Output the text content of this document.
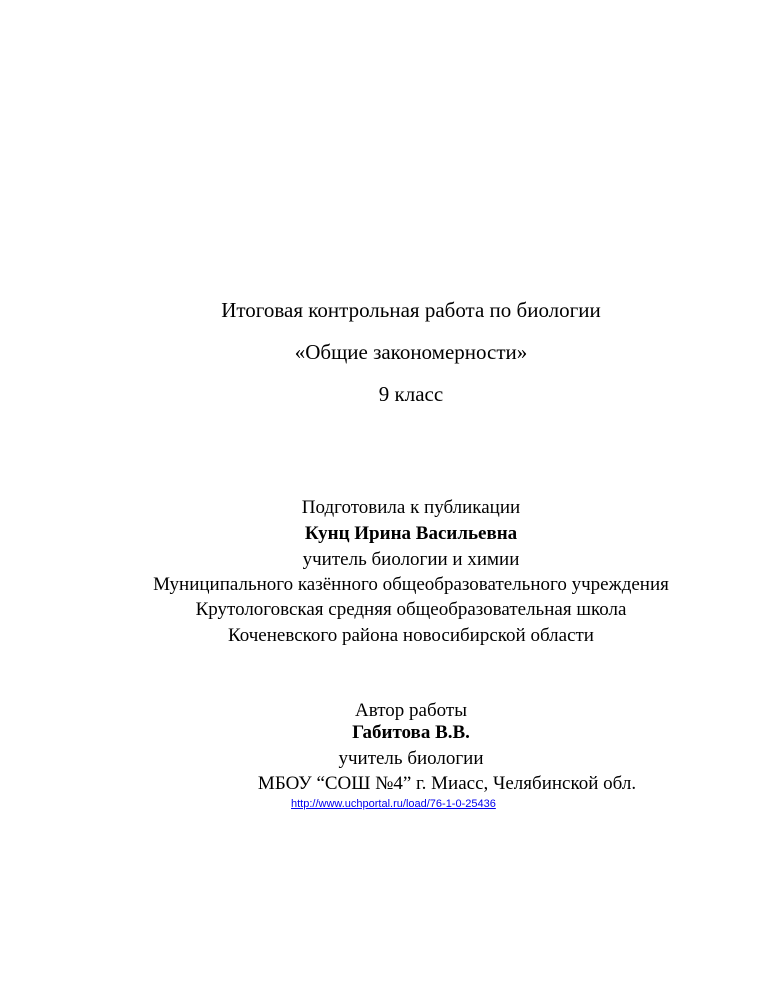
Итоговая контрольная работа по биологии
«Общие закономерности»
9 класс
Подготовила к публикации
Кунц Ирина Васильевна
учитель биологии и химии
Муниципального казённого общеобразовательного учреждения
Крутологовская средняя общеобразовательная школа
Коченевского района новосибирской области
Автор работы
Габитова В.В.
учитель биологии
МБОУ “СОШ №4” г. Миасс, Челябинской обл.
http://www.uchportal.ru/load/76-1-0-25436
